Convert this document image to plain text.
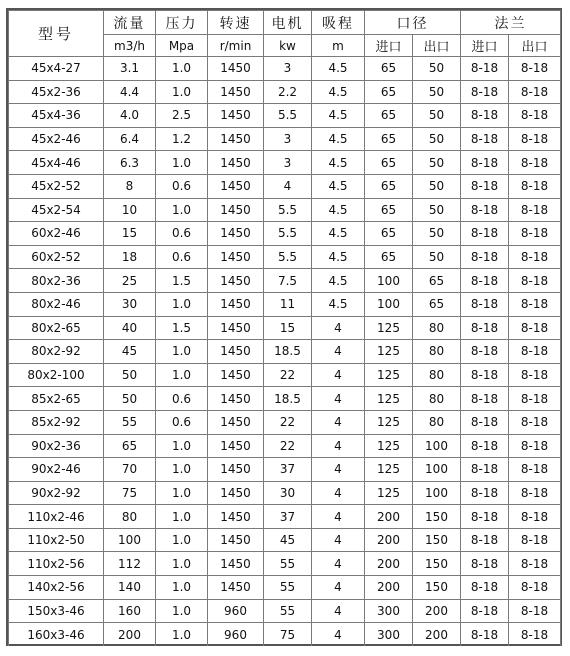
型号	流量	压力	转速	电机	吸程	口径		法兰	
	m3/h	Mpa	r/min	kw	m	进口	出口	进口	出口
45x4-27	3.1	1.0	1450	3	4.5	65	50	8-18	8-18
45x2-36	4.4	1.0	1450	2.2	4.5	65	50	8-18	8-18
45x4-36	4.0	2.5	1450	5.5	4.5	65	50	8-18	8-18
45x2-46	6.4	1.2	1450	3	4.5	65	50	8-18	8-18
45x4-46	6.3	1.0	1450	3	4.5	65	50	8-18	8-18
45x2-52	8	0.6	1450	4	4.5	65	50	8-18	8-18
45x2-54	10	1.0	1450	5.5	4.5	65	50	8-18	8-18
60x2-46	15	0.6	1450	5.5	4.5	65	50	8-18	8-18
60x2-52	18	0.6	1450	5.5	4.5	65	50	8-18	8-18
80x2-36	25	1.5	1450	7.5	4.5	100	65	8-18	8-18
80x2-46	30	1.0	1450	11	4.5	100	65	8-18	8-18
80x2-65	40	1.5	1450	15	4	125	80	8-18	8-18
80x2-92	45	1.0	1450	18.5	4	125	80	8-18	8-18
80x2-100	50	1.0	1450	22	4	125	80	8-18	8-18
85x2-65	50	0.6	1450	18.5	4	125	80	8-18	8-18
85x2-92	55	0.6	1450	22	4	125	80	8-18	8-18
90x2-36	65	1.0	1450	22	4	125	100	8-18	8-18
90x2-46	70	1.0	1450	37	4	125	100	8-18	8-18
90x2-92	75	1.0	1450	30	4	125	100	8-18	8-18
110x2-46	80	1.0	1450	37	4	200	150	8-18	8-18
110x2-50	100	1.0	1450	45	4	200	150	8-18	8-18
110x2-56	112	1.0	1450	55	4	200	150	8-18	8-18
140x2-56	140	1.0	1450	55	4	200	150	8-18	8-18
150x3-46	160	1.0	960	55	4	300	200	8-18	8-18
160x3-46	200	1.0	960	75	4	300	200	8-18	8-18
